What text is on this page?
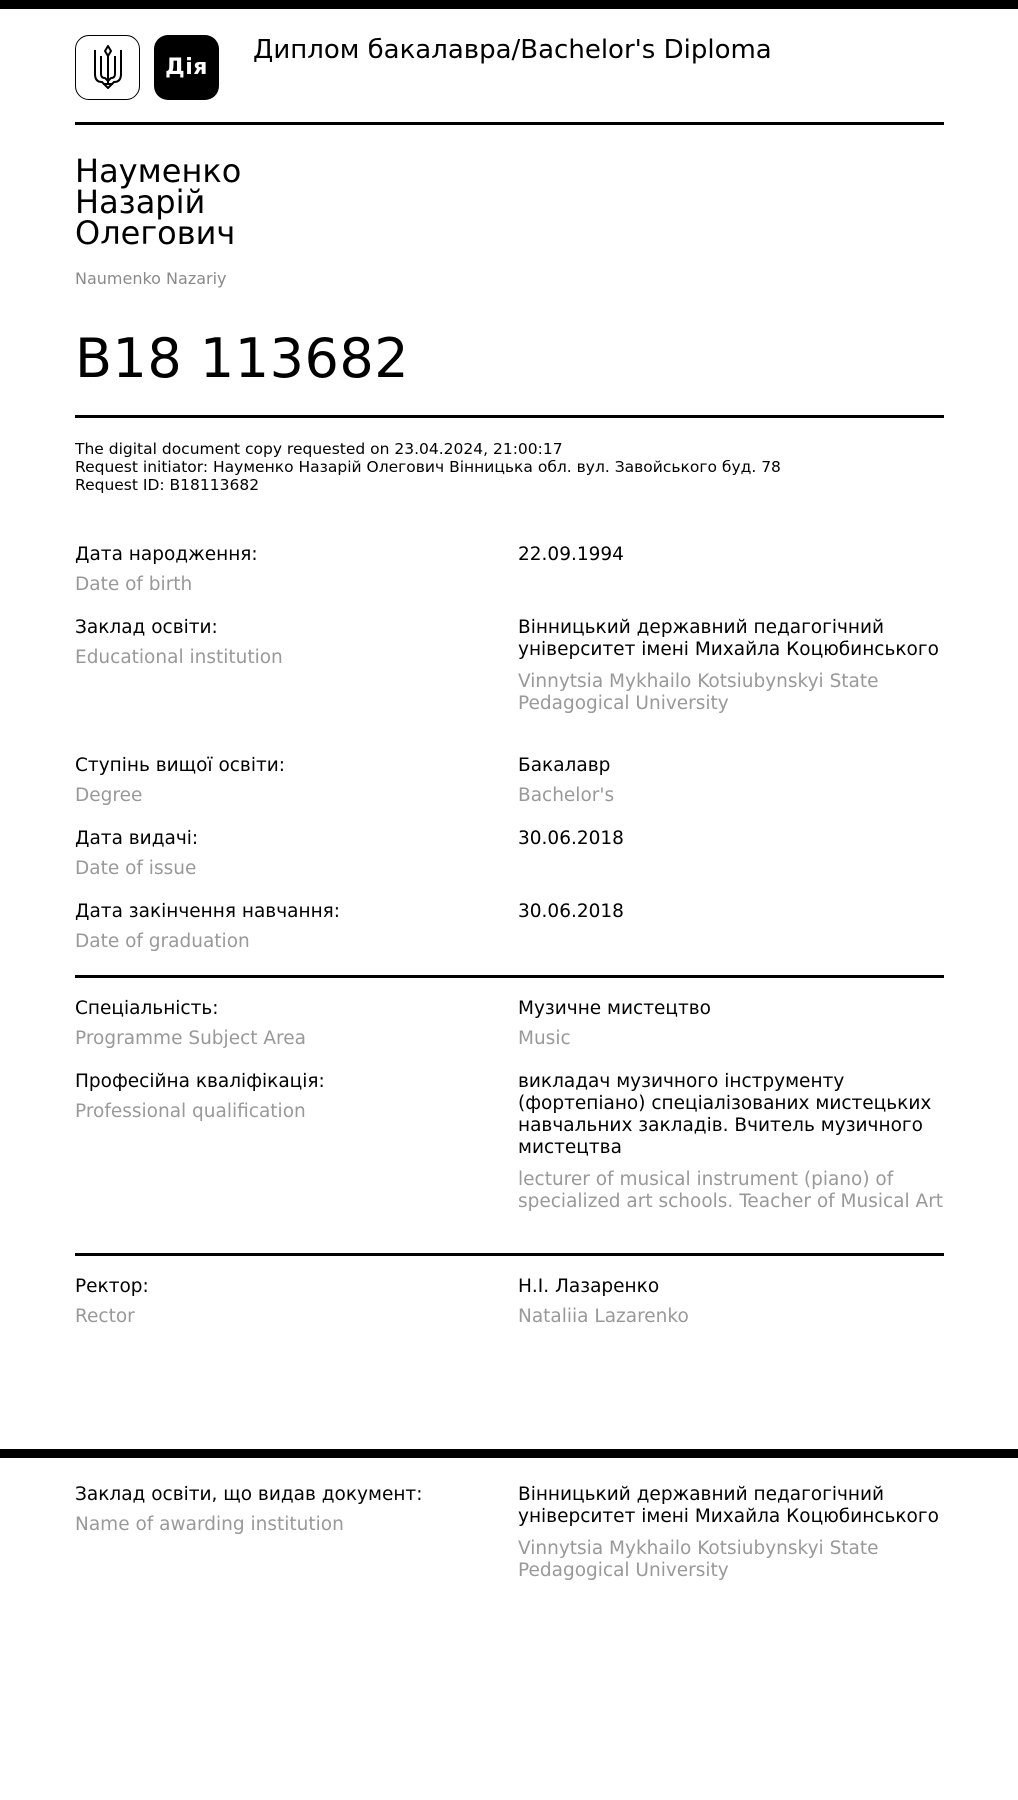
Дія
Диплом бакалавра/Bachelor's Diploma
Науменко
Назарій
Олегович
Naumenko Nazariy
B18 113682
The digital document copy requested on 23.04.2024, 21:00:17
Request initiator: Науменко Назарій Олегович Вінницька обл. вул. Завойського буд. 78
Request ID: B18113682
Дата народження:
Date of birth
22.09.1994
Заклад освіти:
Educational institution
Вінницький державний педагогічний університет імені Михайла Коцюбинського
Vinnytsia Mykhailo Kotsiubynskyi State Pedagogical University
Ступінь вищої освіти:
Degree
Бакалавр
Bachelor's
Дата видачі:
Date of issue
30.06.2018
Дата закінчення навчання:
Date of graduation
30.06.2018
Спеціальність:
Programme Subject Area
Музичне мистецтво
Music
Професійна кваліфікація:
Professional qualification
викладач музичного інструменту (фортепіано) спеціалізованих мистецьких навчальних закладів. Вчитель музичного мистецтва
lecturer of musical instrument (piano) of specialized art schools. Teacher of Musical Art
Ректор:
Rector
Н.І. Лазаренко
Nataliia Lazarenko
Заклад освіти, що видав документ:
Name of awarding institution
Вінницький державний педагогічний університет імені Михайла Коцюбинського
Vinnytsia Mykhailo Kotsiubynskyi State Pedagogical University
